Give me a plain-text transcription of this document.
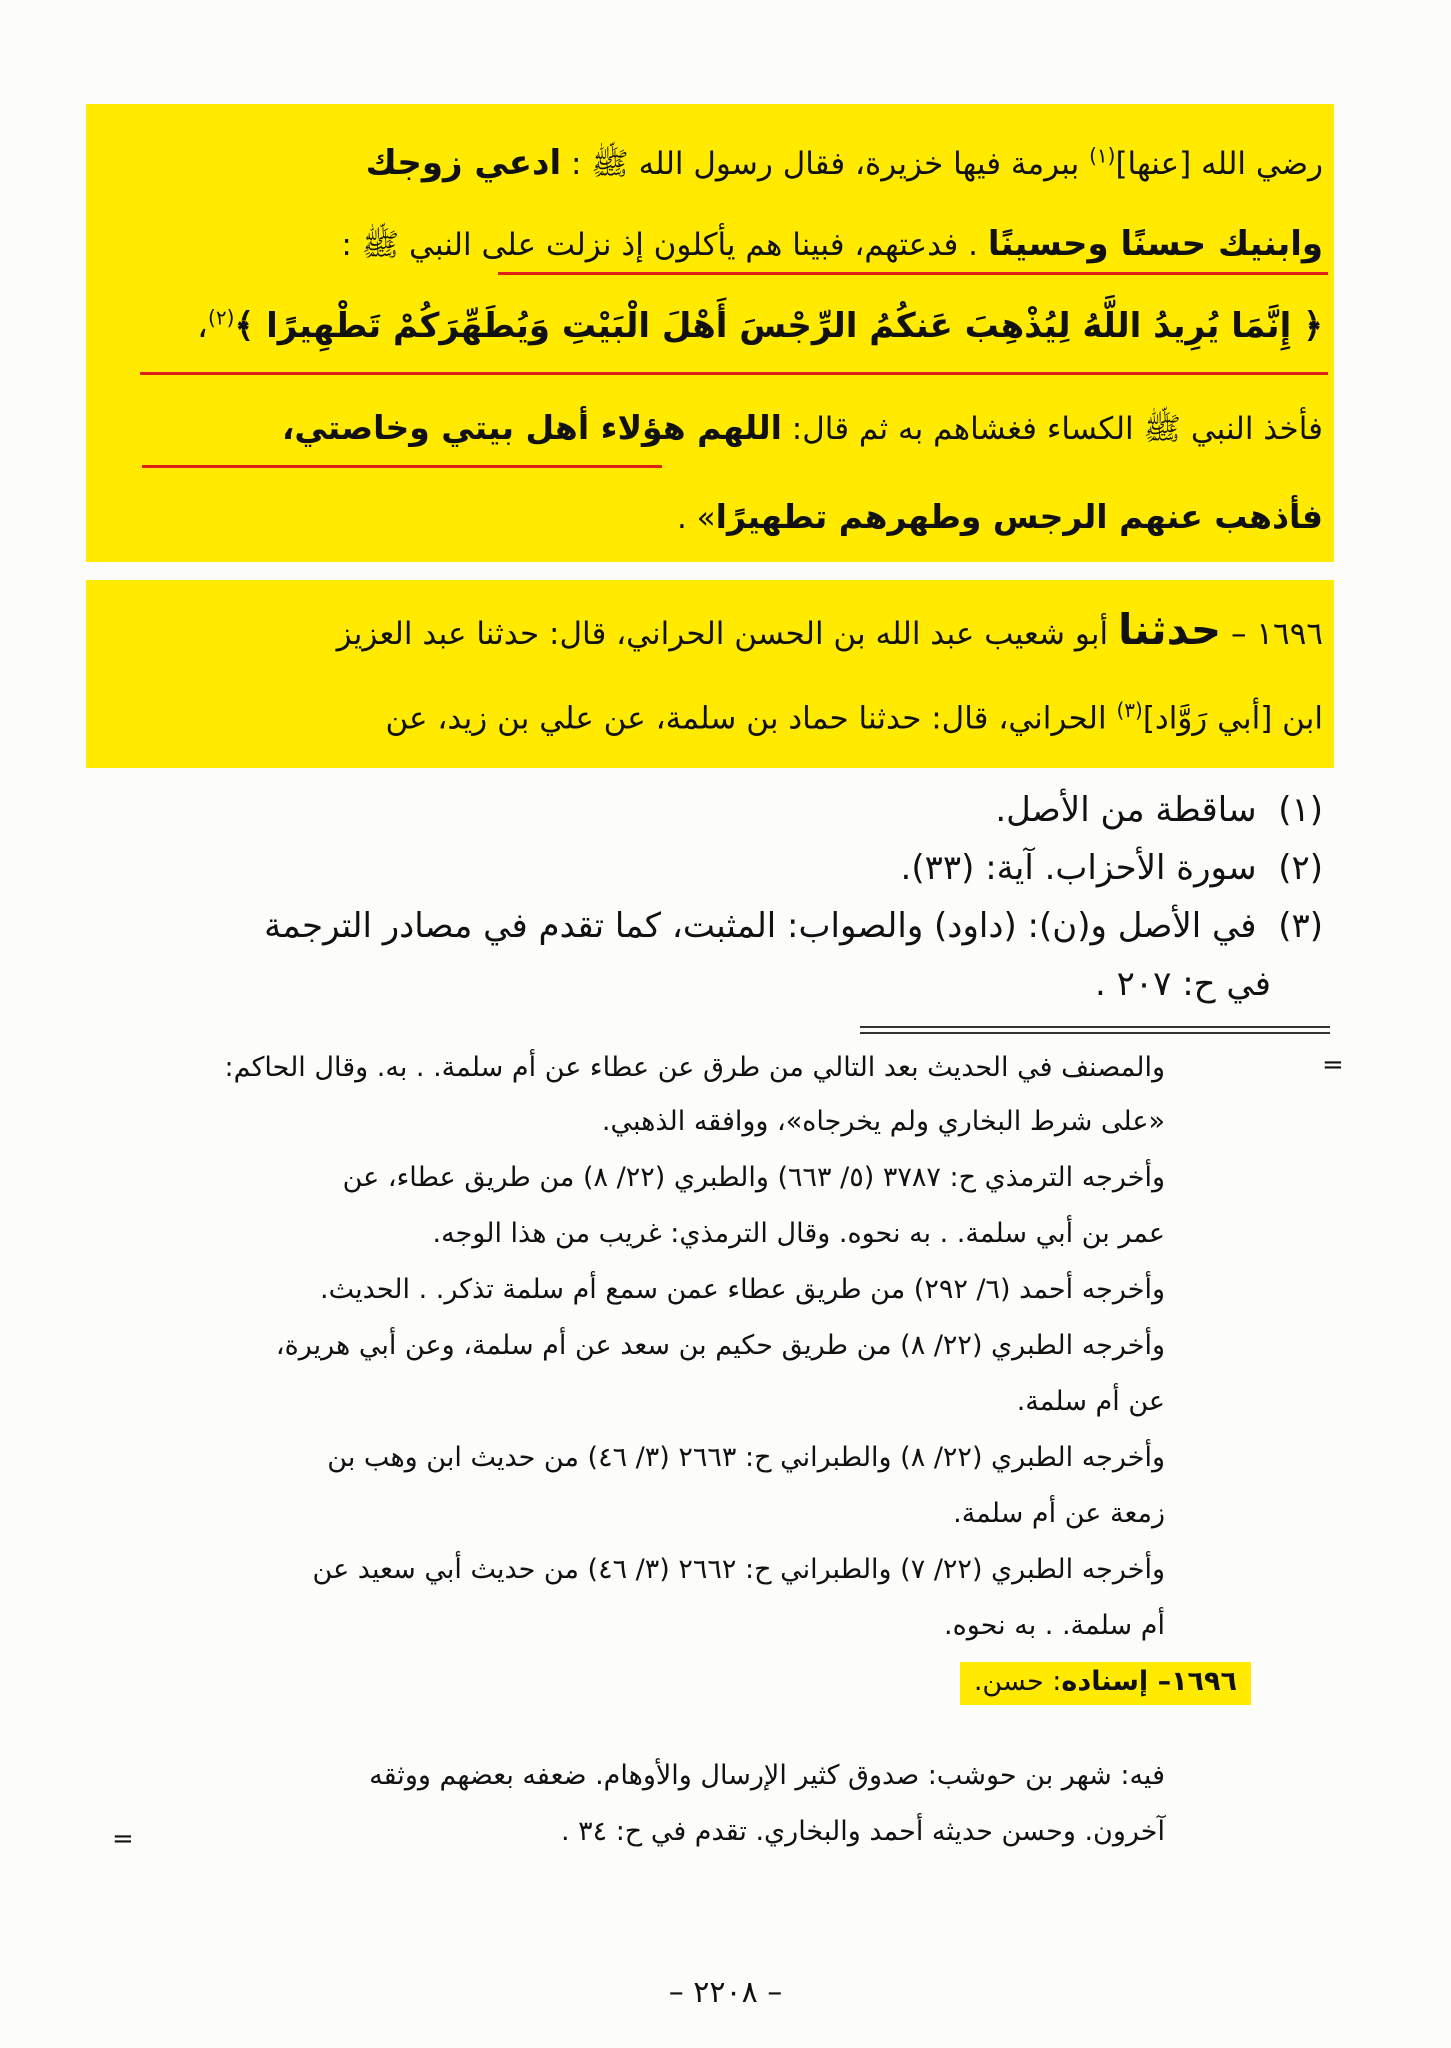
رضي الله [عنها]$^{(١)}$ ببرمة فيها خزيرة، فقال رسول الله ﷺ : ادعي زوجك
وابنيك حسنًا وحسينًا . فدعتهم، فبينا هم يأكلون إذ نزلت على النبي ﷺ :
﴿ إِنَّمَا يُرِيدُ اللَّهُ لِيُذْهِبَ عَنكُمُ الرِّجْسَ أَهْلَ الْبَيْتِ وَيُطَهِّرَكُمْ تَطْهِيرًا ﴾$^{(٢)}$،
فأخذ النبي ﷺ الكساء فغشاهم به ثم قال: اللهم هؤلاء أهل بيتي وخاصتي،
فأذهب عنهم الرجس وطهرهم تطهيرًا» .
١٦٩٦ – حدثنا أبو شعيب عبد الله بن الحسن الحراني، قال: حدثنا عبد العزيز
ابن [أبي رَوَّاد]$^{(٣)}$ الحراني، قال: حدثنا حماد بن سلمة، عن علي بن زيد، عن
(١)  ساقطة من الأصل.
(٢)  سورة الأحزاب. آية: (٣٣).
(٣)  في الأصل و(ن): (داود) والصواب: المثبت، كما تقدم في مصادر الترجمة
في ح: ٢٠٧ .
والمصنف في الحديث بعد التالي من طرق عن عطاء عن أم سلمة. . به. وقال الحاكم:
«على شرط البخاري ولم يخرجاه»، ووافقه الذهبي.
وأخرجه الترمذي ح: ٣٧٨٧ (٥/ ٦٦٣) والطبري (٢٢/ ٨) من طريق عطاء، عن
عمر بن أبي سلمة. . به نحوه. وقال الترمذي: غريب من هذا الوجه.
وأخرجه أحمد (٦/ ٢٩٢) من طريق عطاء عمن سمع أم سلمة تذكر. . الحديث.
وأخرجه الطبري (٢٢/ ٨) من طريق حكيم بن سعد عن أم سلمة، وعن أبي هريرة،
عن أم سلمة.
وأخرجه الطبري (٢٢/ ٨) والطبراني ح: ٢٦٦٣ (٣/ ٤٦) من حديث ابن وهب بن
زمعة عن أم سلمة.
وأخرجه الطبري (٢٢/ ٧) والطبراني ح: ٢٦٦٢ (٣/ ٤٦) من حديث أبي سعيد عن
أم سلمة. . به نحوه.
١٦٩٦– إسناده: حسن.
فيه: شهر بن حوشب: صدوق كثير الإرسال والأوهام. ضعفه بعضهم ووثقه
آخرون. وحسن حديثه أحمد والبخاري. تقدم في ح: ٣٤ .
=
=
– ٢٢٠٨ –
